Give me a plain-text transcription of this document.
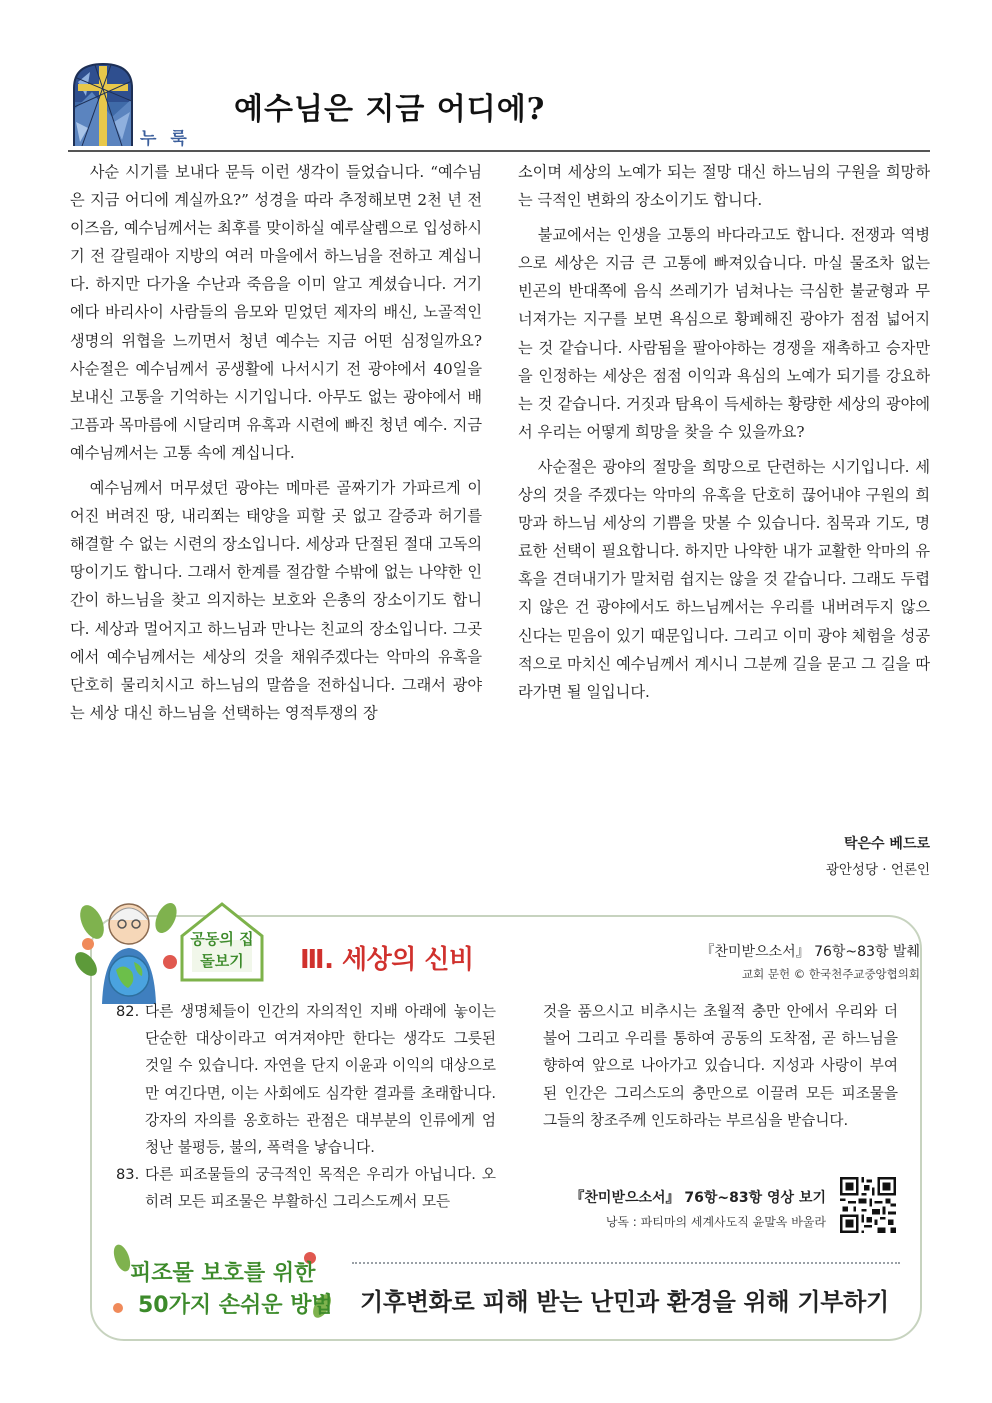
누 룩
예수님은 지금 어디에?

사순 시기를 보내다 문득 이런 생각이 들었습니다. “예수님은 지금 어디에 계실까요?” 성경을 따라 추정해보면 2천 년 전 이즈음, 예수님께서는 최후를 맞이하실 예루살렘으로 입성하시기 전 갈릴래아 지방의 여러 마을에서 하느님을 전하고 계십니다. 하지만 다가올 수난과 죽음을 이미 알고 계셨습니다. 거기에다 바리사이 사람들의 음모와 믿었던 제자의 배신, 노골적인 생명의 위협을 느끼면서 청년 예수는 지금 어떤 심정일까요? 사순절은 예수님께서 공생활에 나서시기 전 광야에서 40일을 보내신 고통을 기억하는 시기입니다. 아무도 없는 광야에서 배고픔과 목마름에 시달리며 유혹과 시련에 빠진 청년 예수. 지금 예수님께서는 고통 속에 계십니다.

예수님께서 머무셨던 광야는 메마른 골짜기가 가파르게 이어진 버려진 땅, 내리쬐는 태양을 피할 곳 없고 갈증과 허기를 해결할 수 없는 시련의 장소입니다. 세상과 단절된 절대 고독의 땅이기도 합니다. 그래서 한계를 절감할 수밖에 없는 나약한 인간이 하느님을 찾고 의지하는 보호와 은총의 장소이기도 합니다. 세상과 멀어지고 하느님과 만나는 친교의 장소입니다. 그곳에서 예수님께서는 세상의 것을 채워주겠다는 악마의 유혹을 단호히 물리치시고 하느님의 말씀을 전하십니다. 그래서 광야는 세상 대신 하느님을 선택하는 영적투쟁의 장

소이며 세상의 노예가 되는 절망 대신 하느님의 구원을 희망하는 극적인 변화의 장소이기도 합니다.

불교에서는 인생을 고통의 바다라고도 합니다. 전쟁과 역병으로 세상은 지금 큰 고통에 빠져있습니다. 마실 물조차 없는 빈곤의 반대쪽에 음식 쓰레기가 넘쳐나는 극심한 불균형과 무너져가는 지구를 보면 욕심으로 황폐해진 광야가 점점 넓어지는 것 같습니다. 사람됨을 팔아야하는 경쟁을 재촉하고 승자만을 인정하는 세상은 점점 이익과 욕심의 노예가 되기를 강요하는 것 같습니다. 거짓과 탐욕이 득세하는 황량한 세상의 광야에서 우리는 어떻게 희망을 찾을 수 있을까요?

사순절은 광야의 절망을 희망으로 단련하는 시기입니다. 세상의 것을 주겠다는 악마의 유혹을 단호히 끊어내야 구원의 희망과 하느님 세상의 기쁨을 맛볼 수 있습니다. 침묵과 기도, 명료한 선택이 필요합니다. 하지만 나약한 내가 교활한 악마의 유혹을 견뎌내기가 말처럼 쉽지는 않을 것 같습니다. 그래도 두렵지 않은 건 광야에서도 하느님께서는 우리를 내버려두지 않으신다는 믿음이 있기 때문입니다. 그리고 이미 광야 체험을 성공적으로 마치신 예수님께서 계시니 그분께 길을 묻고 그 길을 따라가면 될 일입니다.

탁은수 베드로
광안성당 · 언론인
공동의 집
돌보기	Ⅲ. 세상의 신비	『찬미받으소서』 76항~83항 발췌
교회 문헌 © 한국천주교중앙협의회
82. 다른 생명체들이 인간의 자의적인 지배 아래에 놓이는 단순한 대상이라고 여겨져야만 한다는 생각도 그릇된 것일 수 있습니다. 자연을 단지 이윤과 이익의 대상으로만 여긴다면, 이는 사회에도 심각한 결과를 초래합니다. 강자의 자의를 옹호하는 관점은 대부분의 인류에게 엄청난 불평등, 불의, 폭력을 낳습니다.
83. 다른 피조물들의 궁극적인 목적은 우리가 아닙니다. 오히려 모든 피조물은 부활하신 그리스도께서 모든
것을 품으시고 비추시는 초월적 충만 안에서 우리와 더불어 그리고 우리를 통하여 공동의 도착점, 곧 하느님을 향하여 앞으로 나아가고 있습니다. 지성과 사랑이 부여된 인간은 그리스도의 충만으로 이끌려 모든 피조물을 그들의 창조주께 인도하라는 부르심을 받습니다.
『찬미받으소서』 76항~83항 영상 보기
낭독 : 파티마의 세계사도직 윤말옥 바울라
피조물 보호를 위한
50가지 손쉬운 방법 기후변화로 피해 받는 난민과 환경을 위해 기부하기
